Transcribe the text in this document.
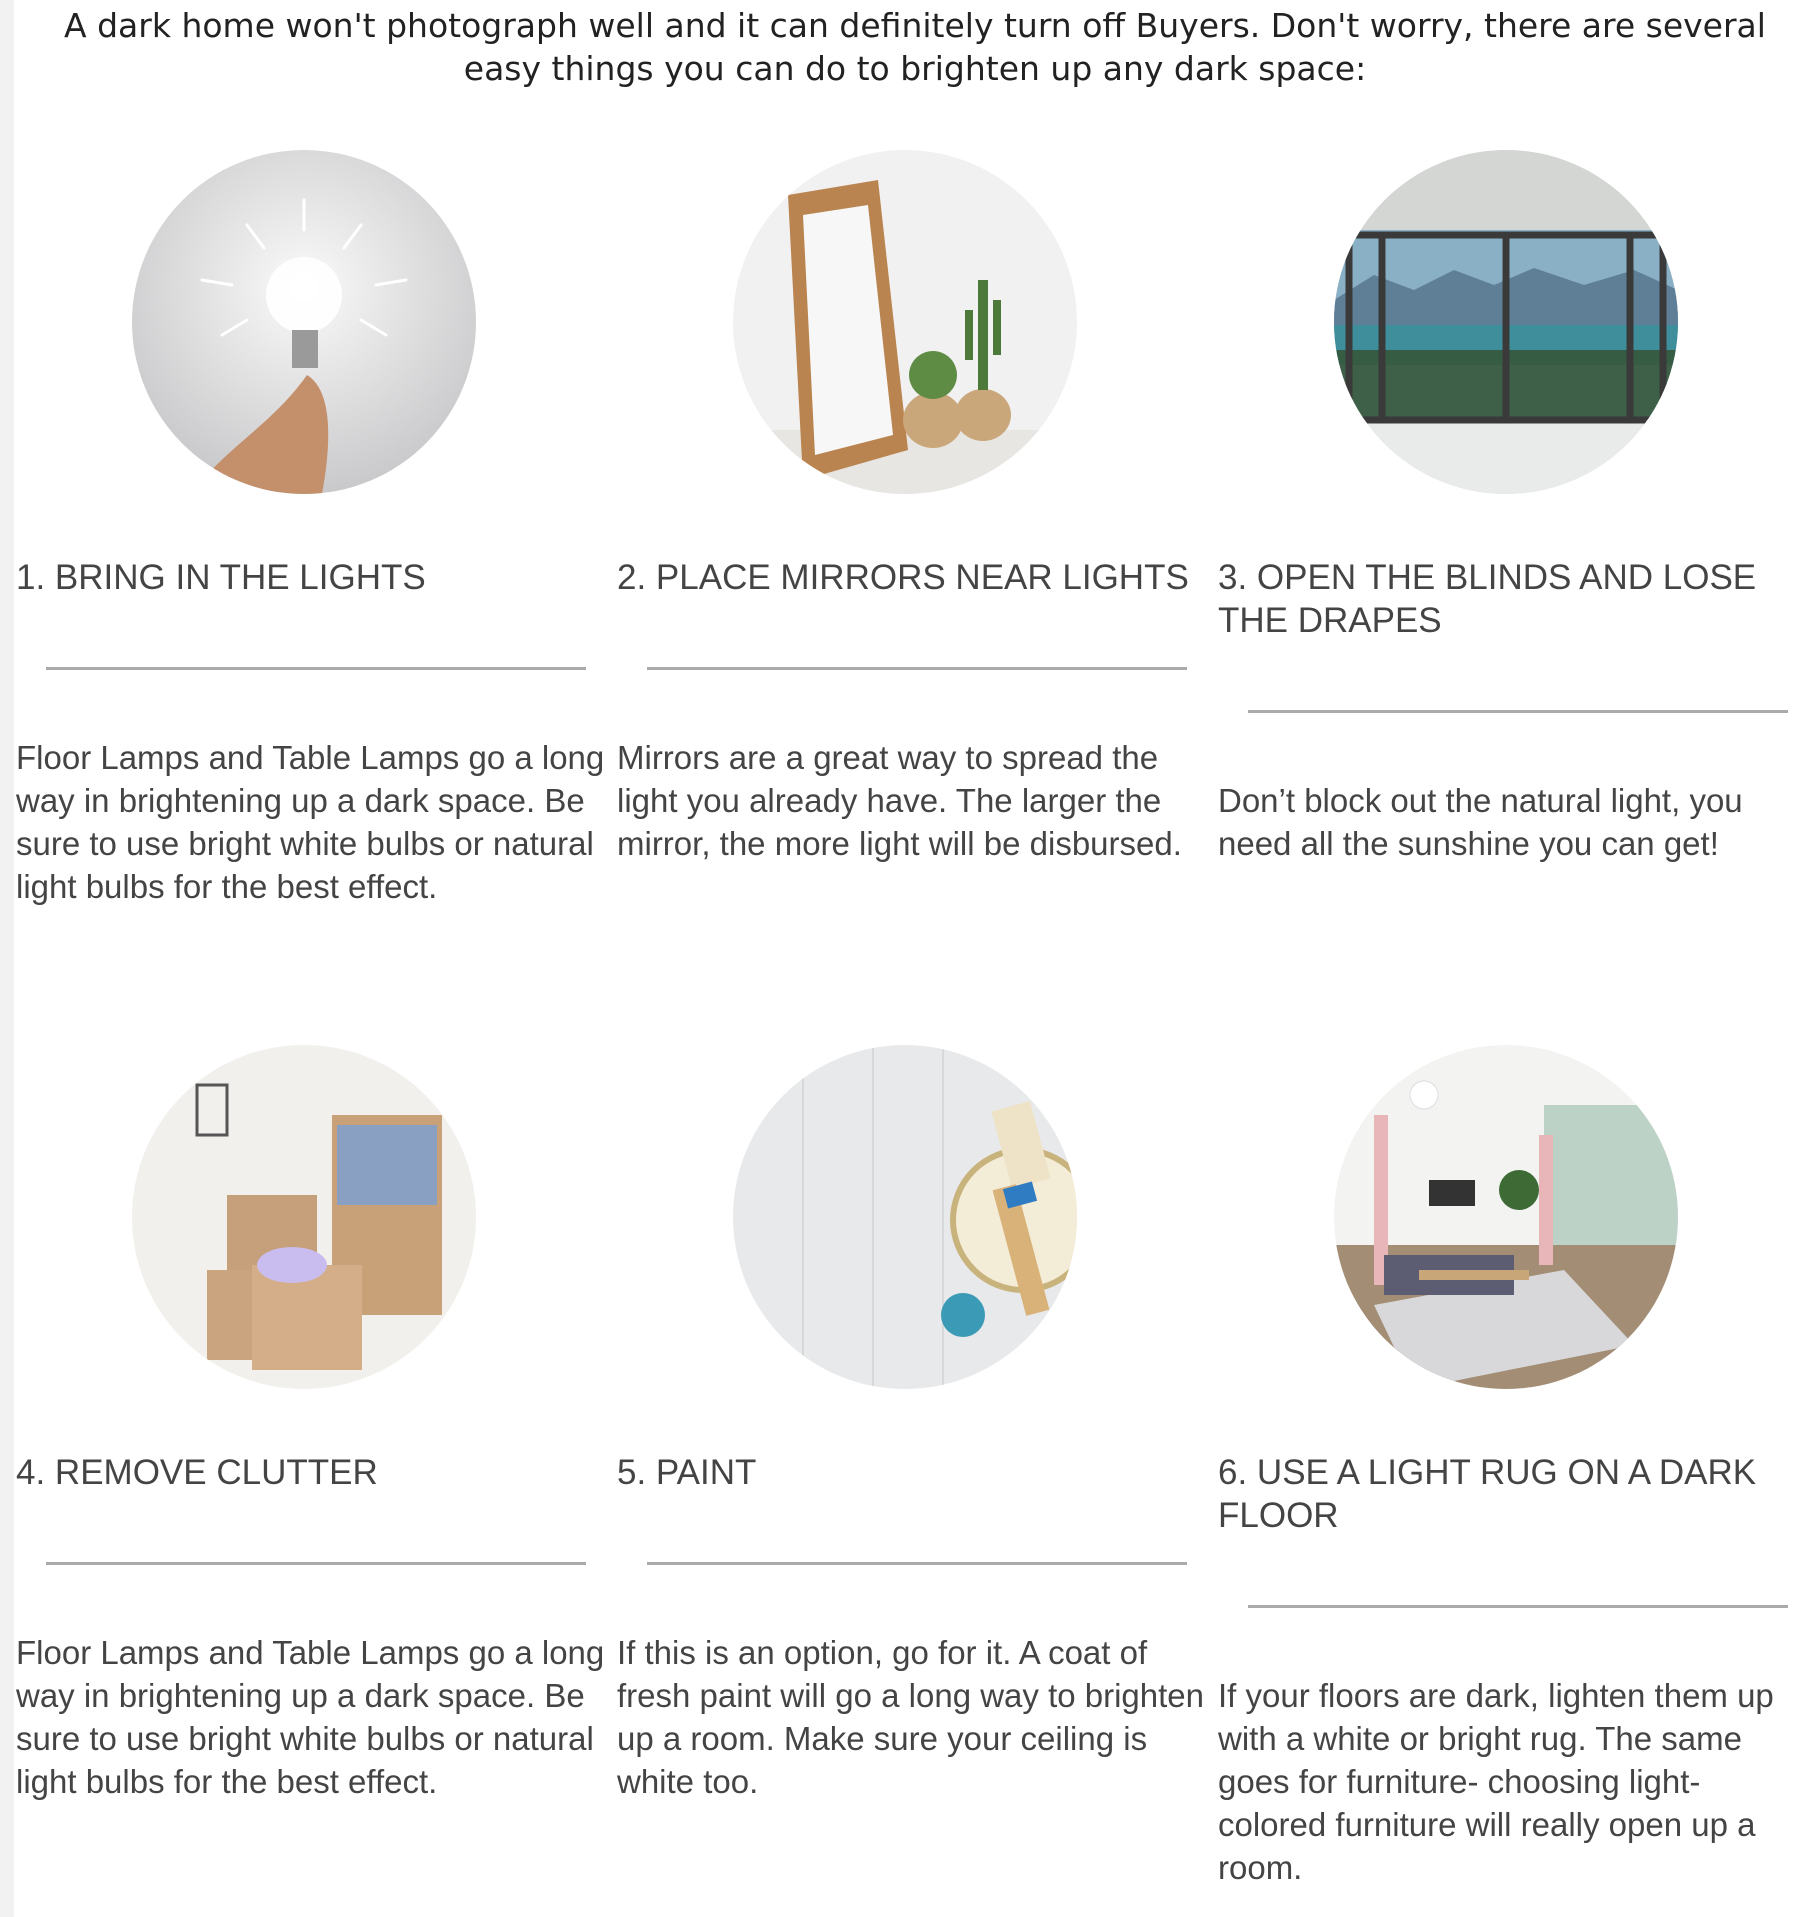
A dark home won't photograph well and it can definitely turn off Buyers. Don't worry, there are several easy things you can do to brighten up any dark space:
1. BRING IN THE LIGHTS
Floor Lamps and Table Lamps go a long way in brightening up a dark space. Be sure to use bright white bulbs or natural light bulbs for the best effect.
2. PLACE MIRRORS NEAR LIGHTS
Mirrors are a great way to spread the light you already have. The larger the mirror, the more light will be disbursed.
3. OPEN THE BLINDS AND LOSE THE DRAPES
Don’t block out the natural light, you need all the sunshine you can get!
4. REMOVE CLUTTER
Floor Lamps and Table Lamps go a long way in brightening up a dark space. Be sure to use bright white bulbs or natural light bulbs for the best effect.
5. PAINT
If this is an option, go for it. A coat of fresh paint will go a long way to brighten up a room. Make sure your ceiling is white too.
6. USE A LIGHT RUG ON A DARK FLOOR
If your floors are dark, lighten them up with a white or bright rug. The same goes for furniture- choosing light-colored furniture will really open up a room.
